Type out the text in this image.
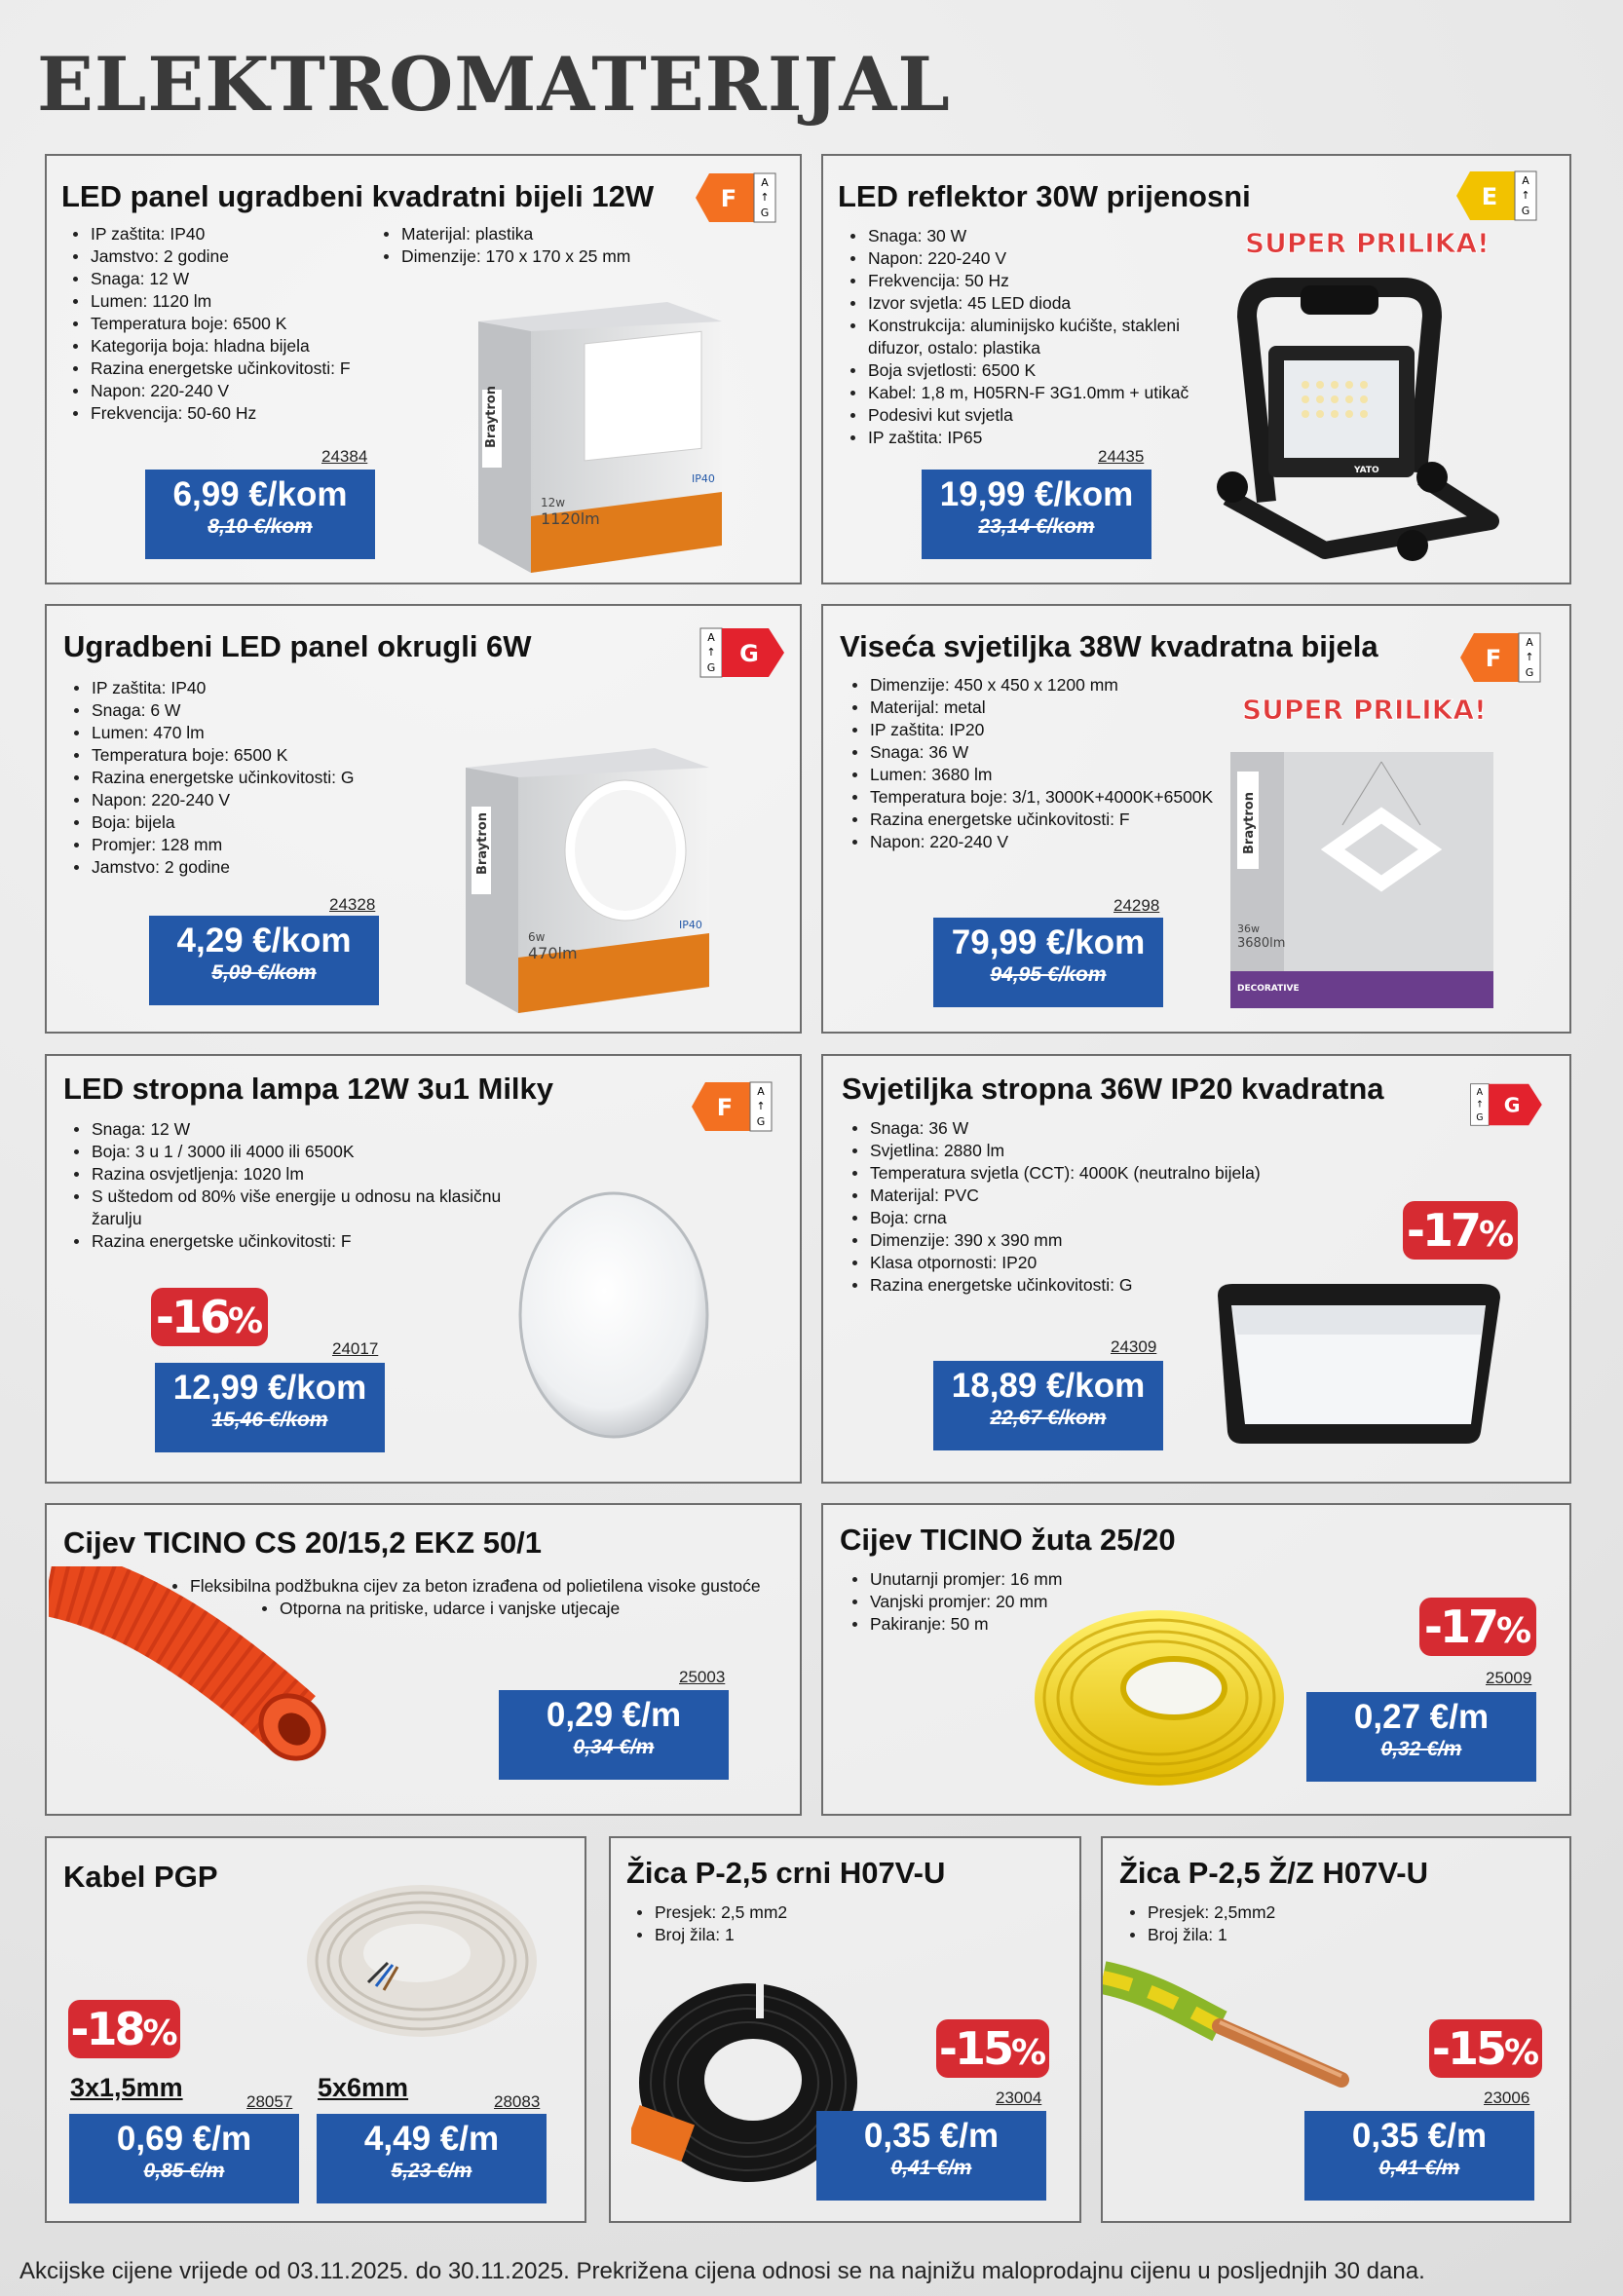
ELEKTROMATERIJAL
LED panel ugradbeni kvadratni bijeli 12W	F
A
↑
G
IP zaštita: IP40
Jamstvo: 2 godine
Snaga: 12 W
Lumen: 1120 lm
Temperatura boje: 6500 K
Kategorija boja: hladna bijela
Razina energetske učinkovitosti: F
Napon: 220-240 V
Frekvencija: 50-60 Hz
Materijal: plastika
Dimenzije: 170 x 170 x 25 mm
Braytron
12w
1120lm
IP40
24384
6,99 €/kom
8,10 €/kom
LED reflektor 30W prijenosni	E
A
↑
G
SUPER PRILIKA!
Snaga: 30 W
Napon: 220-240 V
Frekvencija: 50 Hz
Izvor svjetla: 45 LED dioda
Konstrukcija: aluminijsko kućište, stakleni difuzor, ostalo: plastika
Boja svjetlosti: 6500 K
Kabel: 1,8 m, H05RN-F 3G1.0mm + utikač
Podesivi kut svjetla
IP zaštita: IP65
YATO
24435
19,99 €/kom
23,14 €/kom
Ugradbeni LED panel okrugli 6W	A
↑
G
G
IP zaštita: IP40
Snaga: 6 W
Lumen: 470 lm
Temperatura boje: 6500 K
Razina energetske učinkovitosti: G
Napon: 220-240 V
Boja: bijela
Promjer: 128 mm
Jamstvo: 2 godine	Braytron
6w
470lm
IP40
24328
4,29 €/kom
5,09 €/kom
Viseća svjetiljka 38W kvadratna bijela	F
A
↑
G
SUPER PRILIKA!
Dimenzije: 450 x 450 x 1200 mm
Materijal: metal
IP zaštita: IP20
Snaga: 36 W
Lumen: 3680 lm
Temperatura boje: 3/1, 3000K+4000K+6500K
Razina energetske učinkovitosti: F
Napon: 220-240 V	Braytron
36w
3680lm
DECORATIVE
24298
79,99 €/kom
94,95 €/kom
LED stropna lampa 12W 3u1 Milky
F
A
↑
G
Snaga: 12 W
Boja: 3 u 1 / 3000 ili 4000 ili 6500K
Razina osvjetljenja: 1020 lm
S uštedom od 80% više energije u odnosu na klasičnu žarulju
Razina energetske učinkovitosti: F
-16%
24017
12,99 €/kom
15,46 €/kom
Svjetiljka stropna 36W IP20 kvadratna	A
↑
G
G
Snaga: 36 W
Svjetlina: 2880 lm
Temperatura svjetla (CCT): 4000K (neutralno bijela)
Materijal: PVC
Boja: crna
Dimenzije: 390 x 390 mm
Klasa otpornosti: IP20
Razina energetske učinkovitosti: G
-17%
24309
18,89 €/kom
22,67 €/kom
Cijev TICINO CS 20/15,2 EKZ 50/1
Fleksibilna podžbukna cijev za beton izrađena od polietilena visoke gustoće
Otporna na pritiske, udarce i vanjske utjecaje
25003
0,29 €/m
0,34 €/m
Cijev TICINO žuta 25/20
Unutarnji promjer: 16 mm
Vanjski promjer: 20 mm
Pakiranje: 50 m	-17%
25009
0,27 €/m
0,32 €/m
Kabel PGP
-18%
3x1,5mm	5x6mm
28057	28083
0,69 €/m
0,85 €/m
4,49 €/m
5,23 €/m
Žica P-2,5 crni H07V-U
Presjek: 2,5 mm2
Broj žila: 1
-15%
23004
0,35 €/m
0,41 €/m
Žica P-2,5 Ž/Z H07V-U
Presjek: 2,5mm2
Broj žila: 1
-15%
23006
0,35 €/m
0,41 €/m
Akcijske cijene vrijede od 03.11.2025. do 30.11.2025. Prekrižena cijena odnosi se na najnižu maloprodajnu cijenu u posljednjih 30 dana.
